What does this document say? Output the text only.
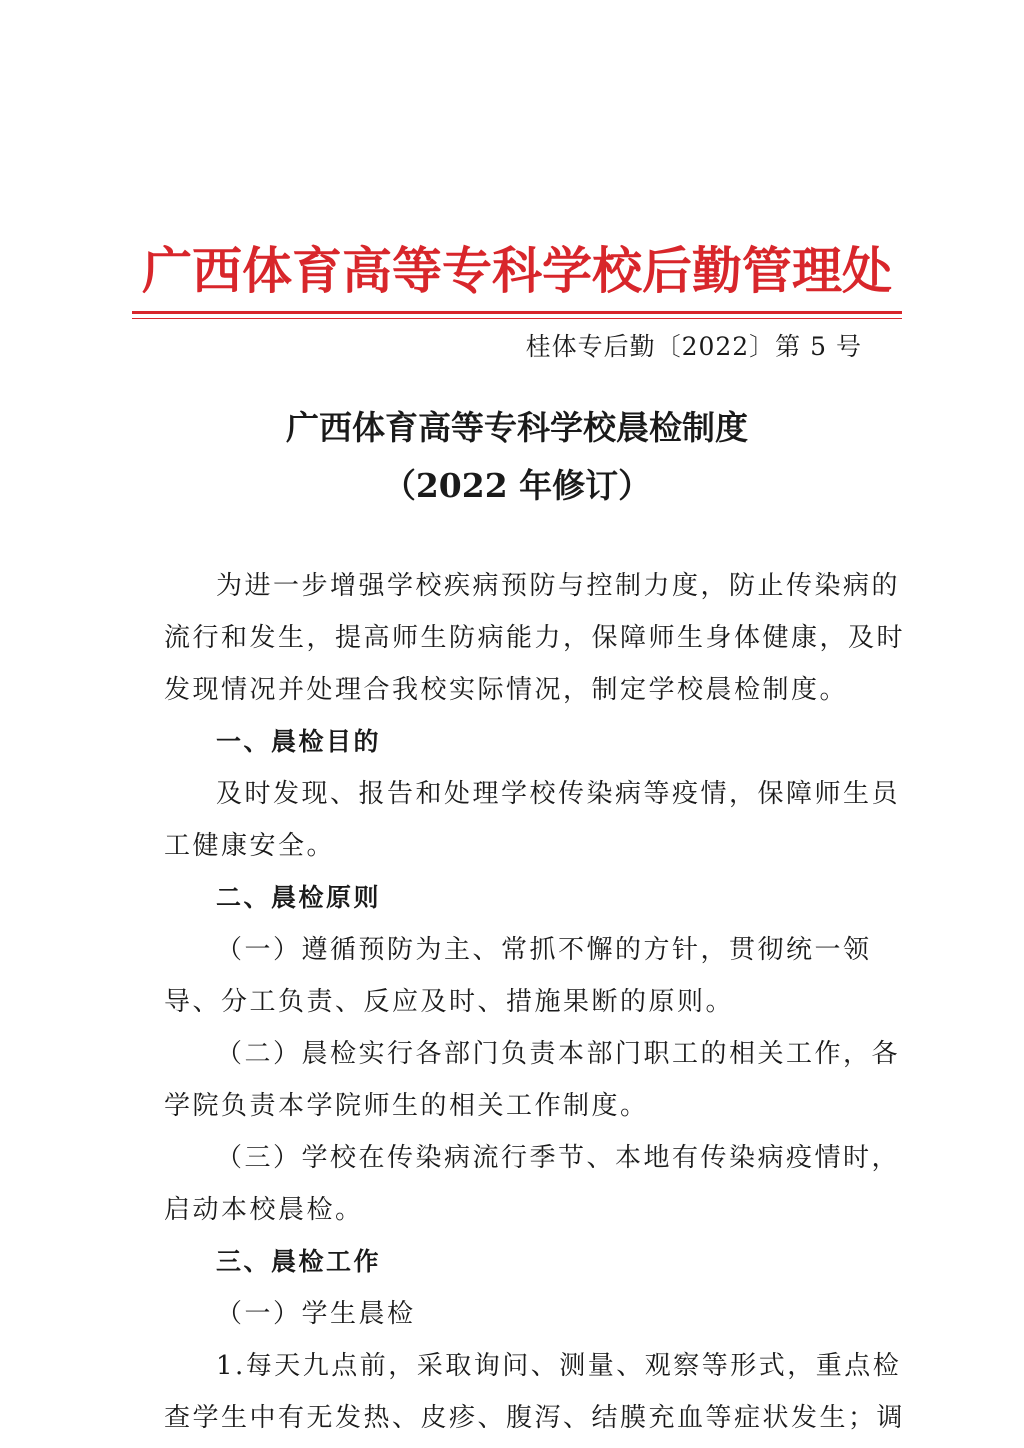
广西体育高等专科学校后勤管理处
桂体专后勤〔2022〕第 5 号
广西体育高等专科学校晨检制度
（2022 年修订）
为进一步增强学校疾病预防与控制力度，防止传染病的
流行和发生，提高师生防病能力，保障师生身体健康，及时
发现情况并处理合我校实际情况，制定学校晨检制度。
一、晨检目的
及时发现、报告和处理学校传染病等疫情，保障师生员
工健康安全。
二、晨检原则
（一）遵循预防为主、常抓不懈的方针，贯彻统一领
导、分工负责、反应及时、措施果断的原则。
（二）晨检实行各部门负责本部门职工的相关工作，各
学院负责本学院师生的相关工作制度。
（三）学校在传染病流行季节、本地有传染病疫情时，
启动本校晨检。
三、晨检工作
（一）学生晨检
1.每天九点前，采取询问、测量、观察等形式，重点检
查学生中有无发热、皮疹、腹泻、结膜充血等症状发生；调
